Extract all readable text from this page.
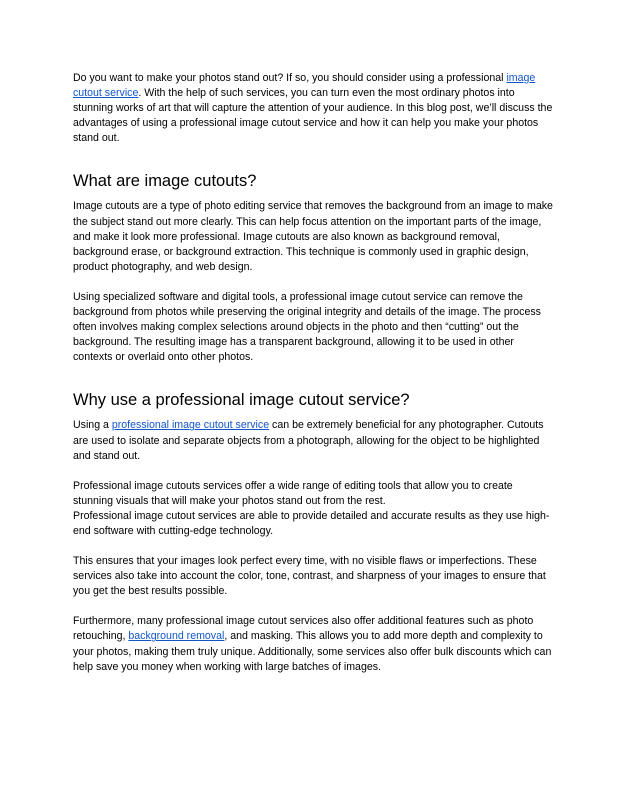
Do you want to make your photos stand out? If so, you should consider using a professional image cutout service. With the help of such services, you can turn even the most ordinary photos into stunning works of art that will capture the attention of your audience. In this blog post, we’ll discuss the advantages of using a professional image cutout service and how it can help you make your photos stand out.

What are image cutouts?

Image cutouts are a type of photo editing service that removes the background from an image to make the subject stand out more clearly. This can help focus attention on the important parts of the image, and make it look more professional. Image cutouts are also known as background removal, background erase, or background extraction. This technique is commonly used in graphic design, product photography, and web design.

Using specialized software and digital tools, a professional image cutout service can remove the background from photos while preserving the original integrity and details of the image. The process often involves making complex selections around objects in the photo and then “cutting” out the background. The resulting image has a transparent background, allowing it to be used in other contexts or overlaid onto other photos.

Why use a professional image cutout service?

Using a professional image cutout service can be extremely beneficial for any photographer. Cutouts are used to isolate and separate objects from a photograph, allowing for the object to be highlighted and stand out.

Professional image cutouts services offer a wide range of editing tools that allow you to create stunning visuals that will make your photos stand out from the rest.

Professional image cutout services are able to provide detailed and accurate results as they use high-end software with cutting-edge technology.

This ensures that your images look perfect every time, with no visible flaws or imperfections. These services also take into account the color, tone, contrast, and sharpness of your images to ensure that you get the best results possible.

Furthermore, many professional image cutout services also offer additional features such as photo retouching, background removal, and masking. This allows you to add more depth and complexity to your photos, making them truly unique. Additionally, some services also offer bulk discounts which can help save you money when working with large batches of images.
